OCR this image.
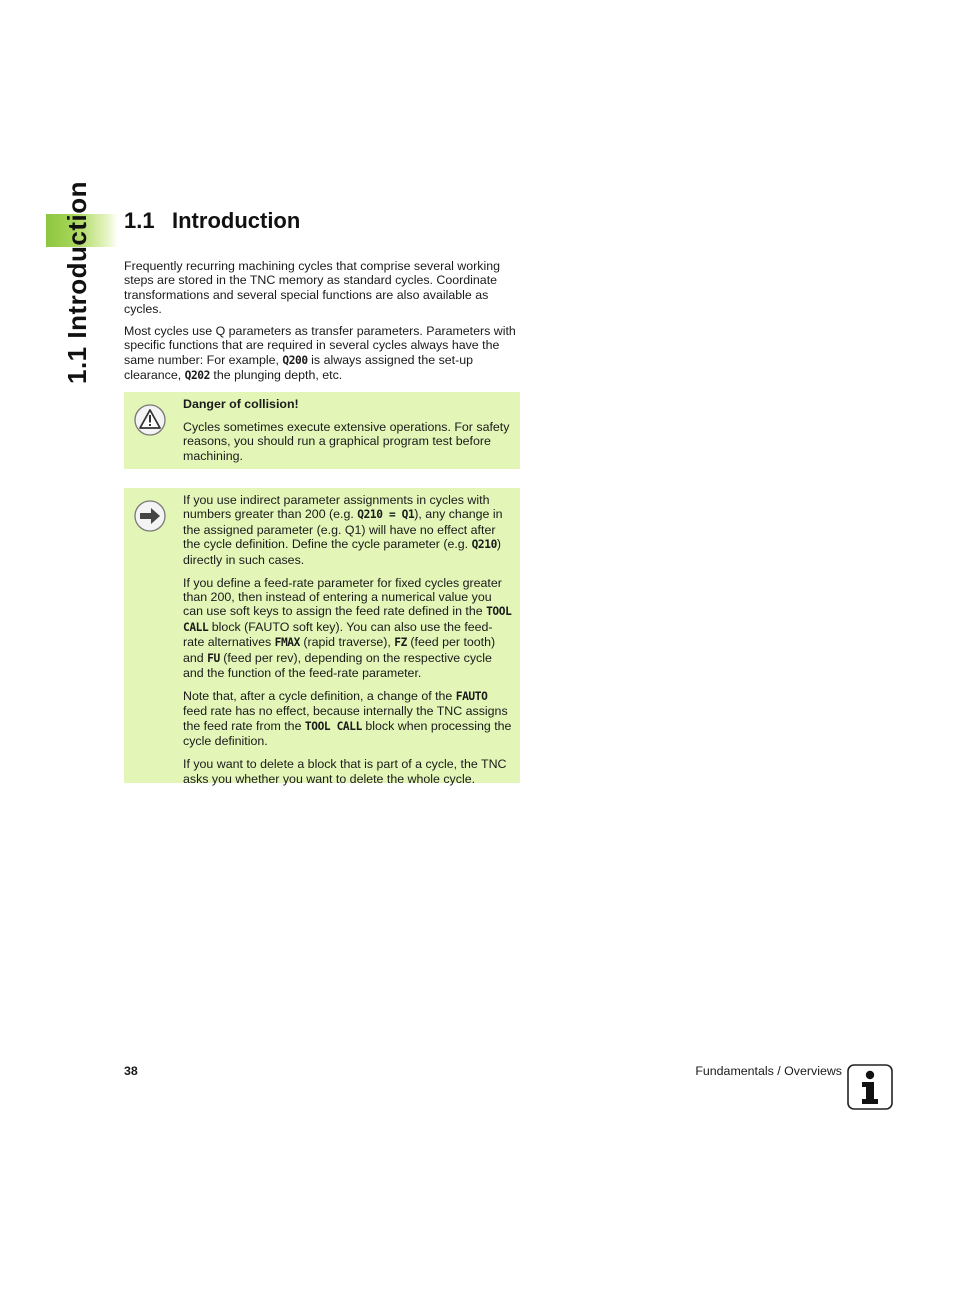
1.1 Introduction 1.1 Introduction

Frequently recurring machining cycles that comprise several working steps are stored in the TNC memory as standard cycles. Coordinate transformations and several special functions are also available as cycles.

Most cycles use Q parameters as transfer parameters. Parameters with specific functions that are required in several cycles always have the same number: For example, Q200 is always assigned the set-up clearance, Q202 the plunging depth, etc.

Danger of collision!

Cycles sometimes execute extensive operations. For safety reasons, you should run a graphical program test before machining.

If you use indirect parameter assignments in cycles with numbers greater than 200 (e.g. Q210 = Q1), any change in the assigned parameter (e.g. Q1) will have no effect after the cycle definition. Define the cycle parameter (e.g. Q210) directly in such cases.

If you define a feed-rate parameter for fixed cycles greater than 200, then instead of entering a numerical value you can use soft keys to assign the feed rate defined in the TOOL CALL block (FAUTO soft key). You can also use the feed-rate alternatives FMAX (rapid traverse), FZ (feed per tooth) and FU (feed per rev), depending on the respective cycle and the function of the feed-rate parameter.

Note that, after a cycle definition, a change of the FAUTO feed rate has no effect, because internally the TNC assigns the feed rate from the TOOL CALL block when processing the cycle definition.

If you want to delete a block that is part of a cycle, the TNC asks you whether you want to delete the whole cycle.

38	Fundamentals / Overviews
